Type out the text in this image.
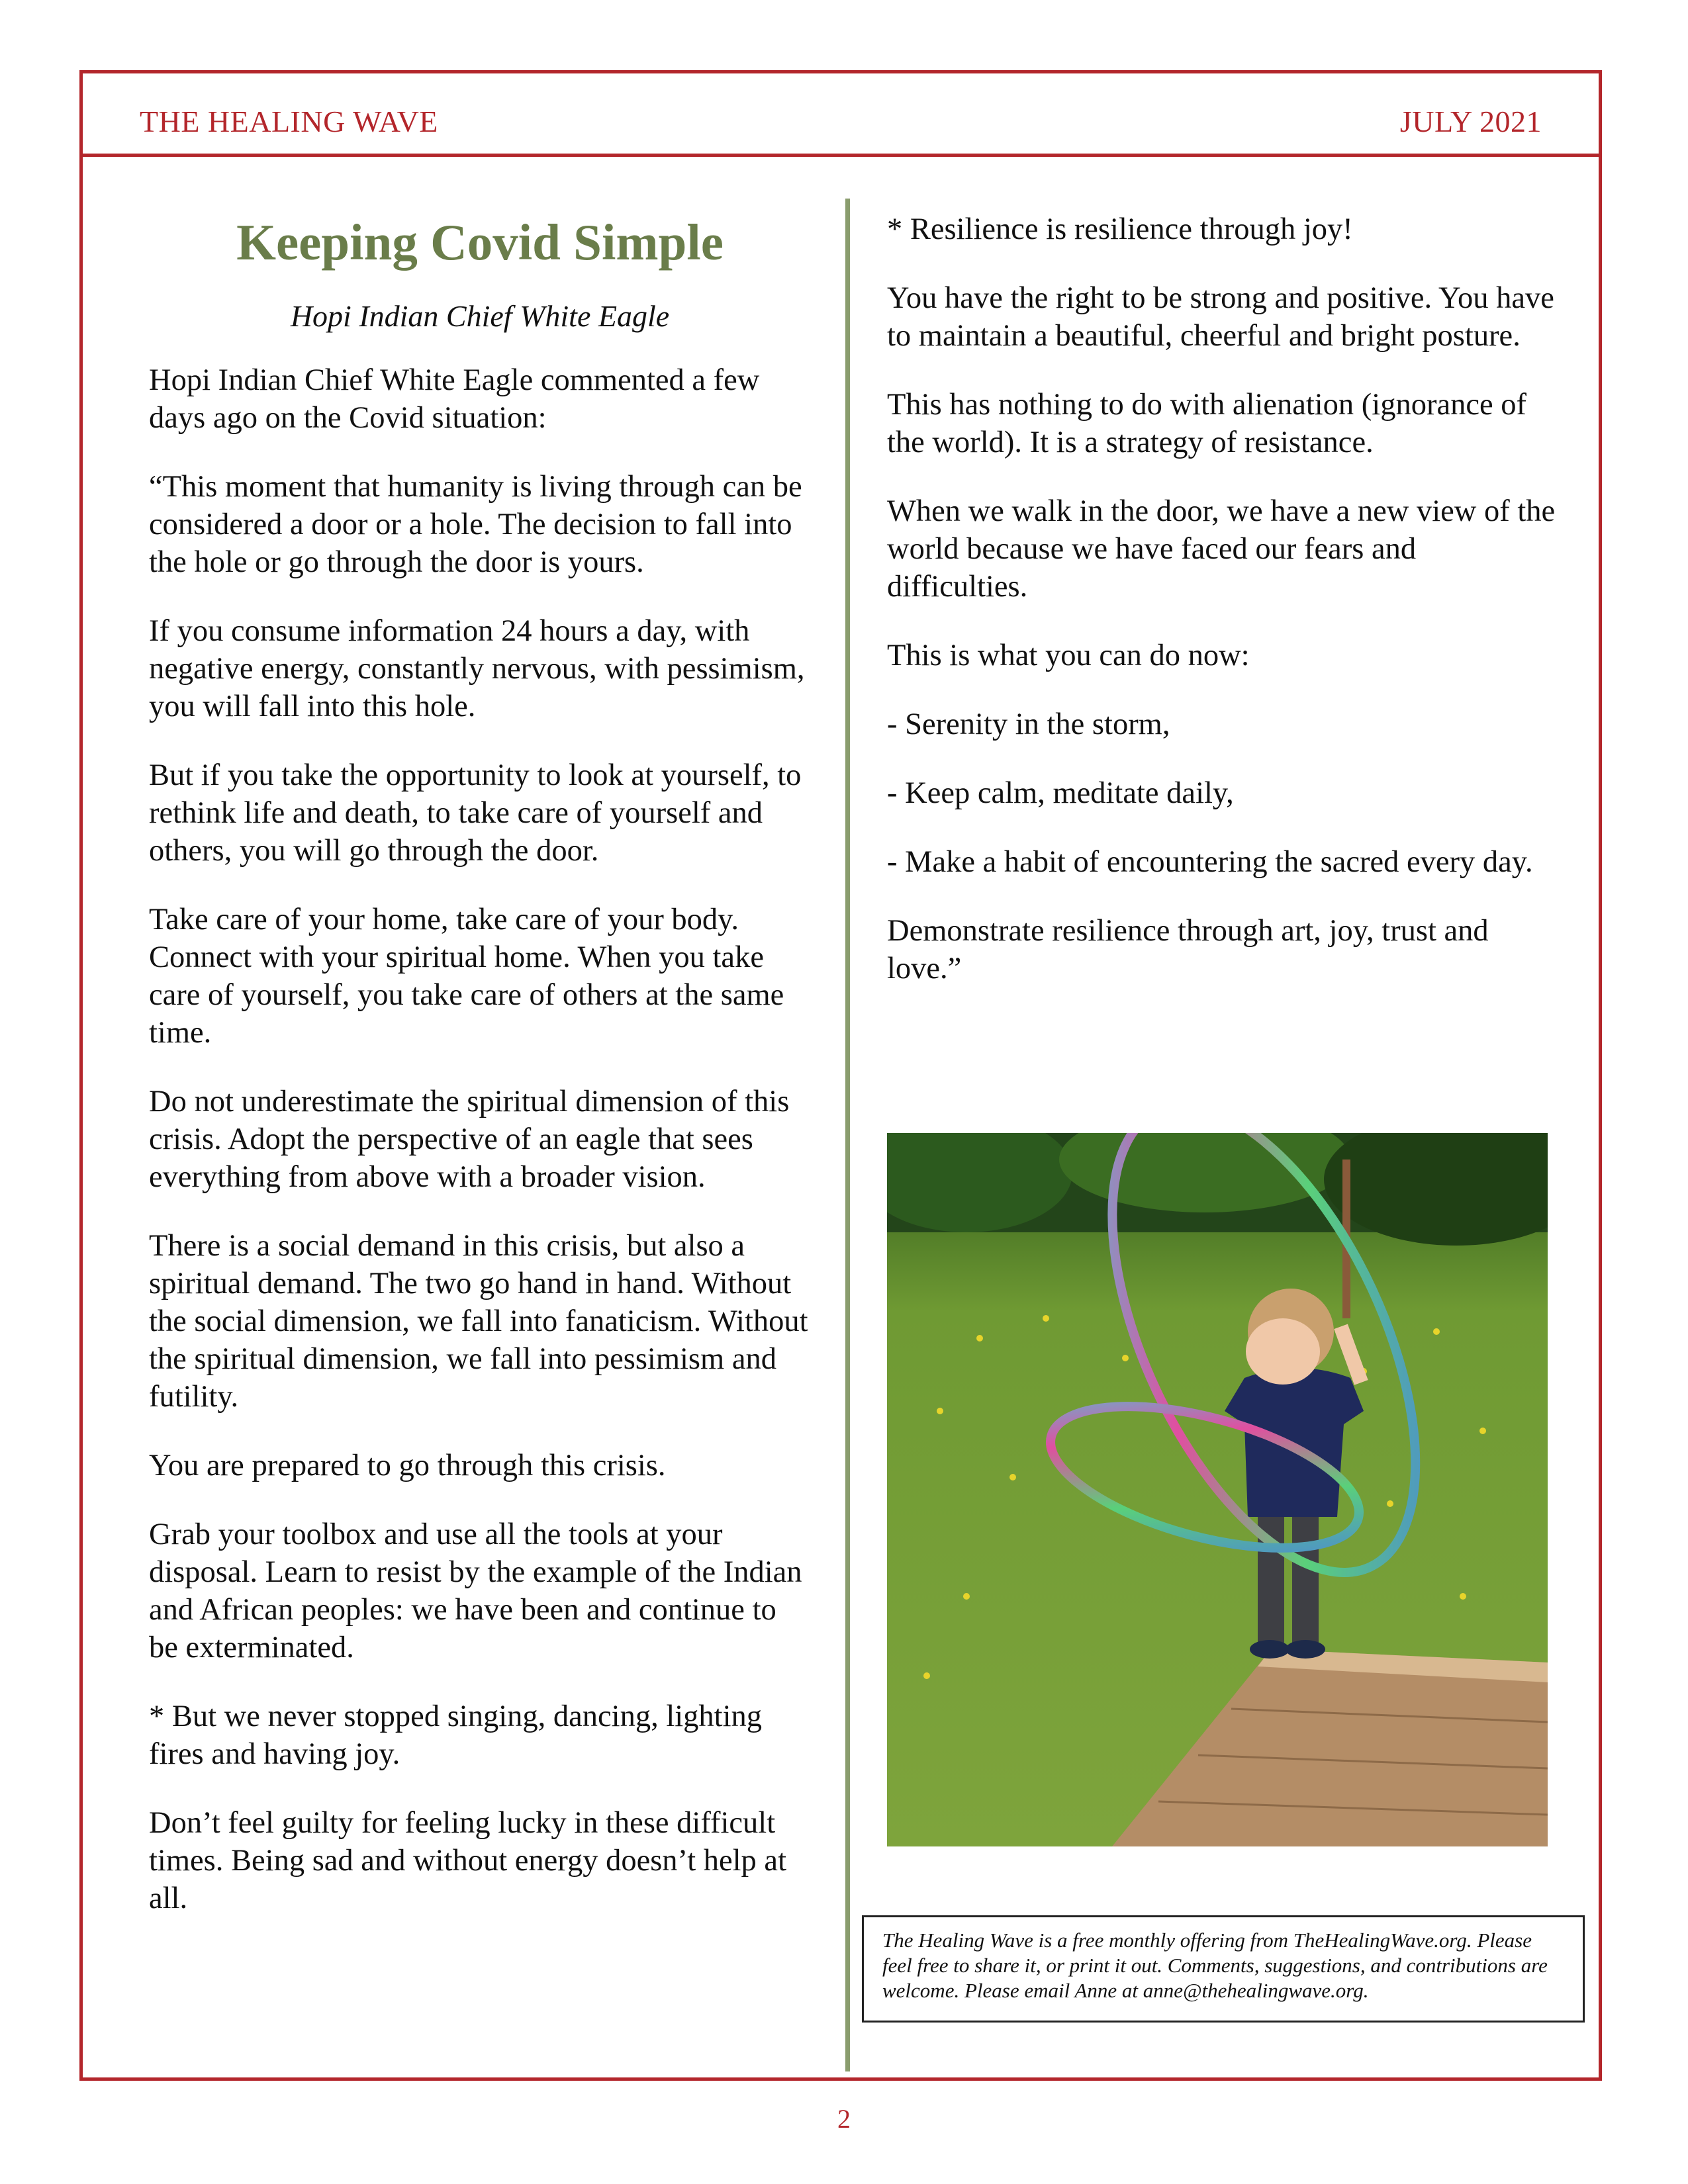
THE HEALING WAVE	JULY 2021
Keeping Covid Simple
Hopi Indian Chief White Eagle

Hopi Indian Chief White Eagle commented a few days ago on the Covid situation:

“This moment that humanity is living through can be considered a door or a hole. The decision to fall into the hole or go through the door is yours.

If you consume information 24 hours a day, with negative energy, constantly nervous, with pessimism, you will fall into this hole.

But if you take the opportunity to look at yourself, to rethink life and death, to take care of yourself and others, you will go through the door.

Take care of your home, take care of your body. Connect with your spiritual home. When you take care of yourself, you take care of others at the same time.

Do not underestimate the spiritual dimension of this crisis. Adopt the perspective of an eagle that sees everything from above with a broader vision.

There is a social demand in this crisis, but also a spiritual demand. The two go hand in hand. Without the social dimension, we fall into fanaticism. Without the spiritual dimension, we fall into pessimism and futility.

You are prepared to go through this crisis.

Grab your toolbox and use all the tools at your disposal. Learn to resist by the example of the Indian and African peoples: we have been and continue to be exterminated.

* But we never stopped singing, dancing, lighting fires and having joy.

Don’t feel guilty for feeling lucky in these difficult times. Being sad and without energy doesn’t help at all.

* Resilience is resilience through joy!

You have the right to be strong and positive. You have to maintain a beautiful, cheerful and bright posture.

This has nothing to do with alienation (ignorance of the world). It is a strategy of resistance.

When we walk in the door, we have a new view of the world because we have faced our fears and difficulties.

This is what you can do now:

- Serenity in the storm,

- Keep calm, meditate daily,

- Make a habit of encountering the sacred every day.

Demonstrate resilience through art, joy, trust and love.”

The Healing Wave is a free monthly offering from TheHealingWave.org. Please feel free to share it, or print it out. Comments, suggestions, and contributions are welcome. Please email Anne at anne@thehealingwave.org.
2
